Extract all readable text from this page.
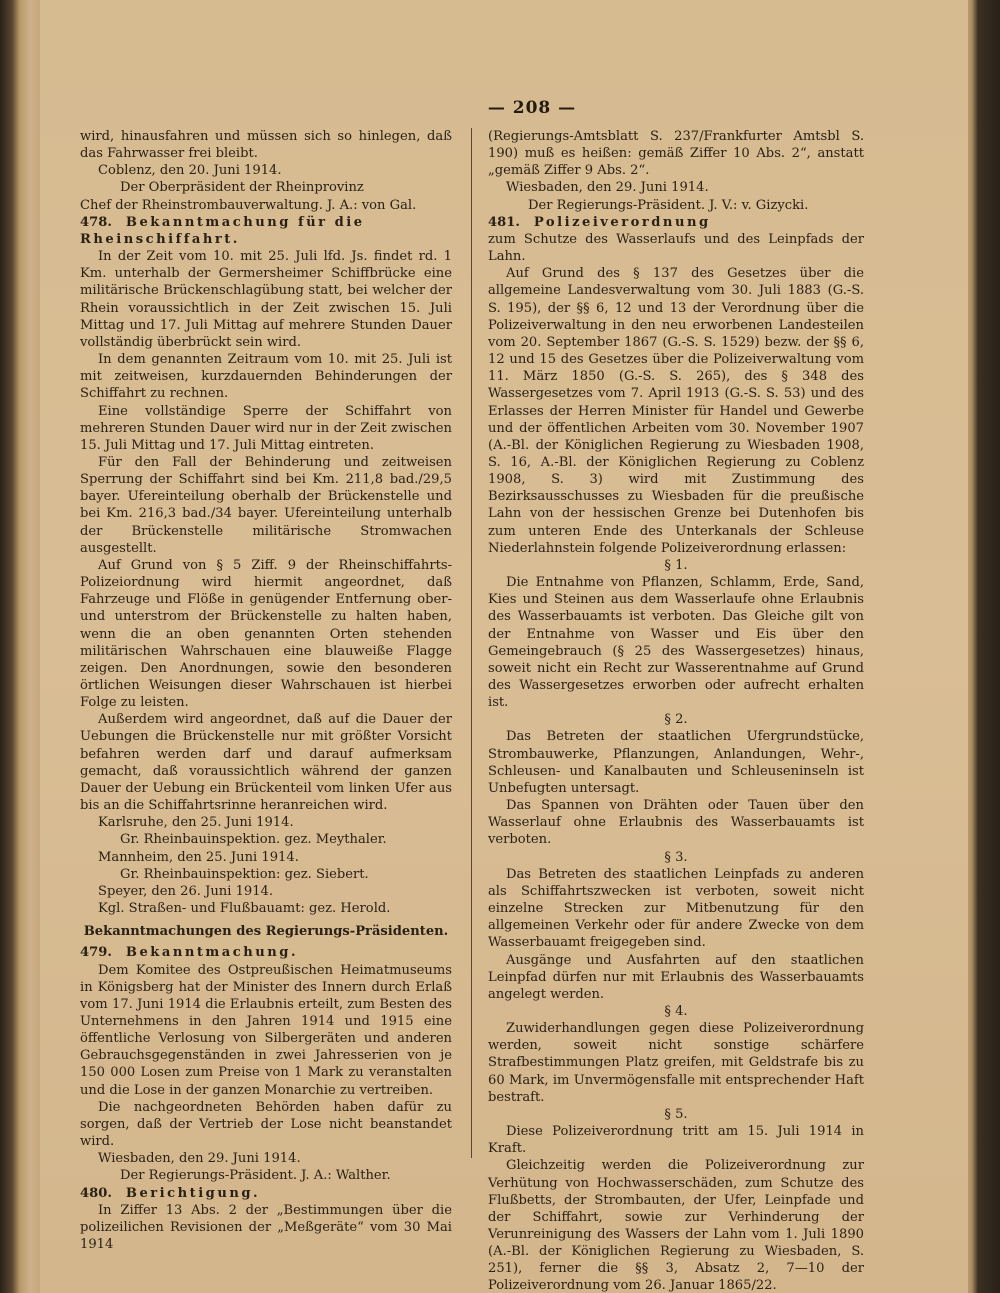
— 208 —

wird, hinausfahren und müssen sich so hinlegen, daß das Fahrwasser frei bleibt.

Coblenz, den 20. Juni 1914.

Der Oberpräsident der Rheinprovinz

Chef der Rheinstrombauverwaltung. J. A.: von Gal.

478. Bekanntmachung für die Rheinschiffahrt.

In der Zeit vom 10. mit 25. Juli lfd. Js. findet rd. 1 Km. unterhalb der Germersheimer Schiffbrücke eine militärische Brückenschlagübung statt, bei welcher der Rhein voraussichtlich in der Zeit zwischen 15. Juli Mittag und 17. Juli Mittag auf mehrere Stunden Dauer vollständig überbrückt sein wird.

In dem genannten Zeitraum vom 10. mit 25. Juli ist mit zeitweisen, kurzdauernden Behinderungen der Schiffahrt zu rechnen.

Eine vollständige Sperre der Schiffahrt von mehreren Stunden Dauer wird nur in der Zeit zwischen 15. Juli Mittag und 17. Juli Mittag eintreten.

Für den Fall der Behinderung und zeitweisen Sperrung der Schiffahrt sind bei Km. 211,8 bad./29,5 bayer. Ufereinteilung oberhalb der Brückenstelle und bei Km. 216,3 bad./34 bayer. Ufereinteilung unterhalb der Brückenstelle militärische Stromwachen ausgestellt.

Auf Grund von § 5 Ziff. 9 der Rheinschiffahrts-Polizeiordnung wird hiermit angeordnet, daß Fahrzeuge und Flöße in genügender Entfernung ober- und unterstrom der Brückenstelle zu halten haben, wenn die an oben genannten Orten stehenden militärischen Wahrschauen eine blauweiße Flagge zeigen. Den Anordnungen, sowie den besonderen örtlichen Weisungen dieser Wahrschauen ist hierbei Folge zu leisten.

Außerdem wird angeordnet, daß auf die Dauer der Uebungen die Brückenstelle nur mit größter Vorsicht befahren werden darf und darauf aufmerksam gemacht, daß voraussichtlich während der ganzen Dauer der Uebung ein Brückenteil vom linken Ufer aus bis an die Schiffahrtsrinne heranreichen wird.

Karlsruhe, den 25. Juni 1914.

Gr. Rheinbauinspektion. gez. Meythaler.

Mannheim, den 25. Juni 1914.

Gr. Rheinbauinspektion: gez. Siebert.

Speyer, den 26. Juni 1914.

Kgl. Straßen- und Flußbauamt: gez. Herold.

Bekanntmachungen des Regierungs-Präsidenten.

479. Bekanntmachung.

Dem Komitee des Ostpreußischen Heimatmuseums in Königsberg hat der Minister des Innern durch Erlaß vom 17. Juni 1914 die Erlaubnis erteilt, zum Besten des Unternehmens in den Jahren 1914 und 1915 eine öffentliche Verlosung von Silbergeräten und anderen Gebrauchsgegenständen in zwei Jahresserien von je 150 000 Losen zum Preise von 1 Mark zu veranstalten und die Lose in der ganzen Monarchie zu vertreiben.

Die nachgeordneten Behörden haben dafür zu sorgen, daß der Vertrieb der Lose nicht beanstandet wird.

Wiesbaden, den 29. Juni 1914.

Der Regierungs-Präsident. J. A.: Walther.

480. Berichtigung.

In Ziffer 13 Abs. 2 der „Bestimmungen über die polizeilichen Revisionen der „Meßgeräte“ vom 30 Mai 1914

(Regierungs-Amtsblatt S. 237/Frankfurter Amtsbl S. 190) muß es heißen: gemäß Ziffer 10 Abs. 2“, anstatt „gemäß Ziffer 9 Abs. 2“.

Wiesbaden, den 29. Juni 1914.

Der Regierungs-Präsident. J. V.: v. Gizycki.

481. Polizeiverordnung

zum Schutze des Wasserlaufs und des Leinpfads der Lahn.

Auf Grund des § 137 des Gesetzes über die allgemeine Landesverwaltung vom 30. Juli 1883 (G.-S. S. 195), der §§ 6, 12 und 13 der Verordnung über die Polizeiverwaltung in den neu erworbenen Landesteilen vom 20. September 1867 (G.-S. S. 1529) bezw. der §§ 6, 12 und 15 des Gesetzes über die Polizeiverwaltung vom 11. März 1850 (G.-S. S. 265), des § 348 des Wassergesetzes vom 7. April 1913 (G.-S. S. 53) und des Erlasses der Herren Minister für Handel und Gewerbe und der öffentlichen Arbeiten vom 30. November 1907 (A.-Bl. der Königlichen Regierung zu Wiesbaden 1908, S. 16, A.-Bl. der Königlichen Regierung zu Coblenz 1908, S. 3) wird mit Zustimmung des Bezirksausschusses zu Wiesbaden für die preußische Lahn von der hessischen Grenze bei Dutenhofen bis zum unteren Ende des Unterkanals der Schleuse Niederlahnstein folgende Polizeiverordnung erlassen:

§ 1.

Die Entnahme von Pflanzen, Schlamm, Erde, Sand, Kies und Steinen aus dem Wasserlaufe ohne Erlaubnis des Wasserbauamts ist verboten. Das Gleiche gilt von der Entnahme von Wasser und Eis über den Gemeingebrauch (§ 25 des Wassergesetzes) hinaus, soweit nicht ein Recht zur Wasserentnahme auf Grund des Wassergesetzes erworben oder aufrecht erhalten ist.

§ 2.

Das Betreten der staatlichen Ufergrundstücke, Strombauwerke, Pflanzungen, Anlandungen, Wehr-, Schleusen- und Kanalbauten und Schleuseninseln ist Unbefugten untersagt.

Das Spannen von Drähten oder Tauen über den Wasserlauf ohne Erlaubnis des Wasserbauamts ist verboten.

§ 3.

Das Betreten des staatlichen Leinpfads zu anderen als Schiffahrtszwecken ist verboten, soweit nicht einzelne Strecken zur Mitbenutzung für den allgemeinen Verkehr oder für andere Zwecke von dem Wasserbauamt freigegeben sind.

Ausgänge und Ausfahrten auf den staatlichen Leinpfad dürfen nur mit Erlaubnis des Wasserbauamts angelegt werden.

§ 4.

Zuwiderhandlungen gegen diese Polizeiverordnung werden, soweit nicht sonstige schärfere Strafbestimmungen Platz greifen, mit Geldstrafe bis zu 60 Mark, im Unvermögensfalle mit entsprechender Haft bestraft.

§ 5.

Diese Polizeiverordnung tritt am 15. Juli 1914 in Kraft.

Gleichzeitig werden die Polizeiverordnung zur Verhütung von Hochwasserschäden, zum Schutze des Flußbetts, der Strombauten, der Ufer, Leinpfade und der Schiffahrt, sowie zur Verhinderung der Verunreinigung des Wassers der Lahn vom 1. Juli 1890 (A.-Bl. der Königlichen Regierung zu Wiesbaden, S. 251), ferner die §§ 3, Absatz 2, 7—10 der Polizeiverordnung vom 26. Januar 1865/22.
